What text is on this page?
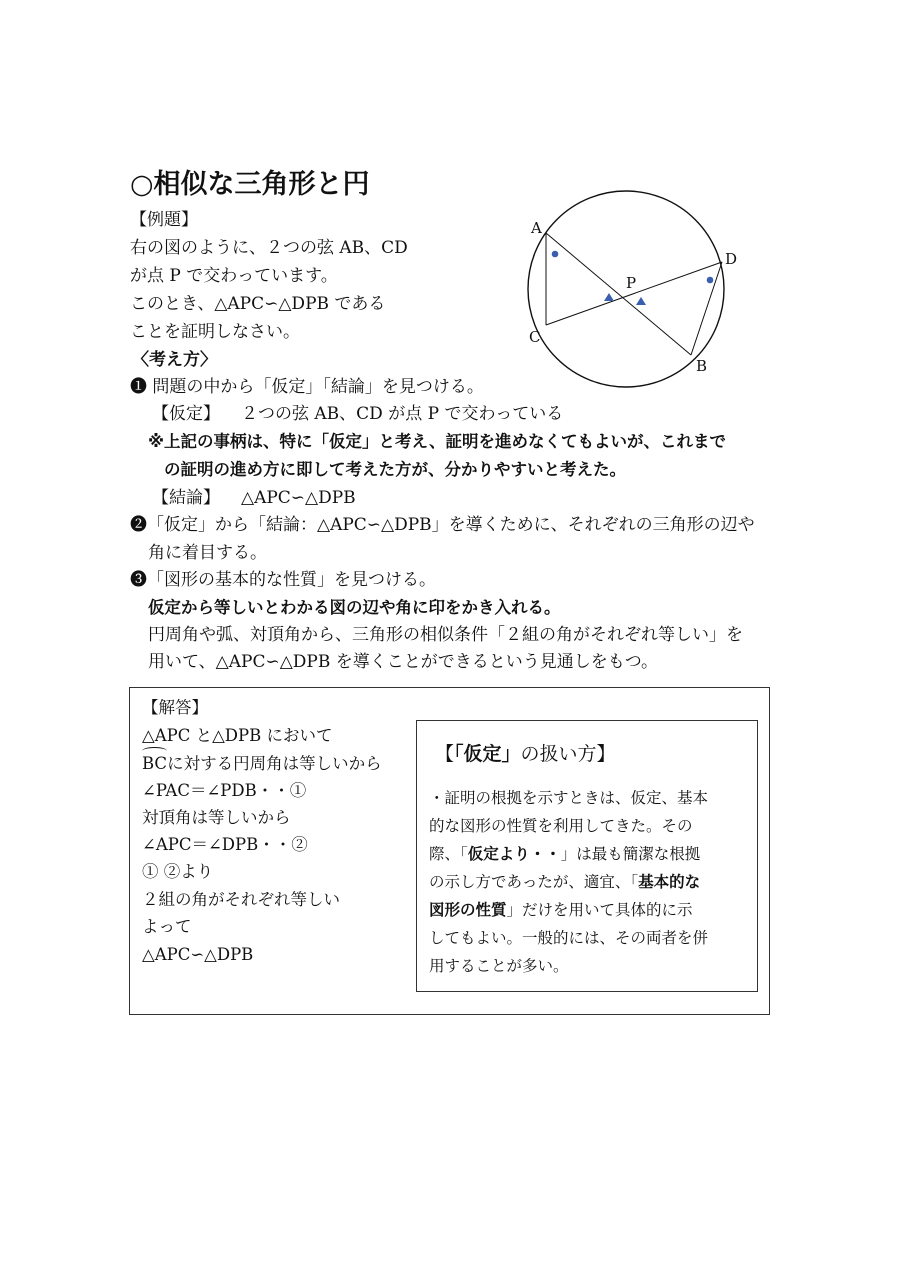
○相似な三角形と円
【例題】
右の図のように、２つの弦 AB、CD
が点 P で交わっています。
このとき、△APC∽△DPB である
ことを証明しなさい。
A
D
P
C
B
〈考え方〉
❶ 問題の中から「仮定」「結論」を見つける。
【仮定】 ２つの弦 AB、CD が点 P で交わっている
※上記の事柄は、特に「仮定」と考え、証明を進めなくてもよいが、これまで
の証明の進め方に即して考えた方が、分かりやすいと考えた。
【結論】 △APC∽△DPB
❷「仮定」から「結論：△APC∽△DPB」を導くために、それぞれの三角形の辺や
角に着目する。
❸「図形の基本的な性質」を見つける。
仮定から等しいとわかる図の辺や角に印をかき入れる。
円周角や弧、対頂角から、三角形の相似条件「２組の角がそれぞれ等しい」を
用いて、△APC∽△DPB を導くことができるという見通しをもつ。
【解答】
△APC と△DPB において
BCに対する円周角は等しいから
∠PAC＝∠PDB・・①
対頂角は等しいから
∠APC＝∠DPB・・②
① ②より
２組の角がそれぞれ等しい
よって
△APC∽△DPB
【「仮定」の扱い方】
・証明の根拠を示すときは、仮定、基本
的な図形の性質を利用してきた。その
際、「仮定より・・」は最も簡潔な根拠
の示し方であったが、適宜、「基本的な
図形の性質」だけを用いて具体的に示
してもよい。一般的には、その両者を併
用することが多い。
